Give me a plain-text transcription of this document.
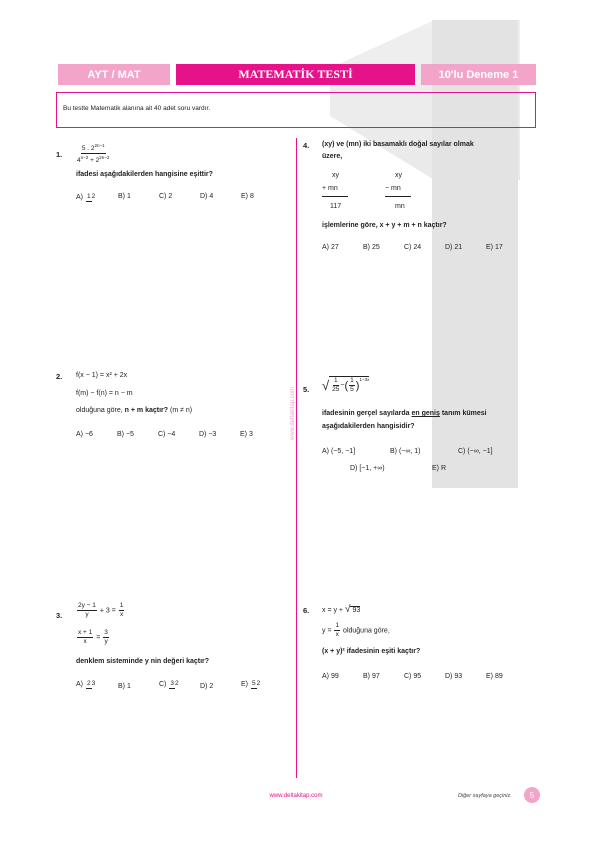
AYT / MAT	MATEMATİK TESTİ	10'lu Deneme 1
Bu testte Matematik alanına ait 40 adet soru vardır.
www.deltakitap.com
1. $\frac{5 . 2^{2n-1}}{4^{n-2} + 2^{2n-2}}$
ifadesi aşağıdakilerden hangisine eşittir?
A) 12	B) 1	C) 2	D) 4	E) 8
2. f(x − 1) = x² + 2x
f(m) − f(n) = n − m
olduğuna göre, n + m kaçtır? (m ≠ n)
A) −6	B) −5	C) −4	D) −3	E) 3
3. $\frac{2y - 1}{y} + 3 = \frac{1}{x}$
$\frac{x + 1}{x} = \frac{3}{y}$
denklem sisteminde y nin değeri kaçtır?
A) 23	B) 1	C) 32	D) 2	E) 52
4. (xy) ve (mn) iki basamaklı doğal sayılar olmak
üzere,
xy
+ mn
117
xy
− mn
mn
işlemlerine göre, x + y + m + n kaçtır?
A) 27	B) 25	C) 24	D) 21	E) 17
5. √ $\frac{1}{25}$ − ( $\frac{1}{5} )^{1-3x}$
ifadesinin gerçel sayılarda en geniş tanım kümesi
aşağıdakilerden hangisidir?
A) (−5, −1]	B) (−∞, 1)	C) (−∞, −1]
D) [−1, +∞)	E) R
6. x = y + √ 93
$y = \frac{1}{x}$ olduğuna göre,
(x + y)² ifadesinin eşiti kaçtır?
A) 99	B) 97	C) 95	D) 93	E) 89
www.deltakitap.com	Diğer sayfaya geçiniz.	5
